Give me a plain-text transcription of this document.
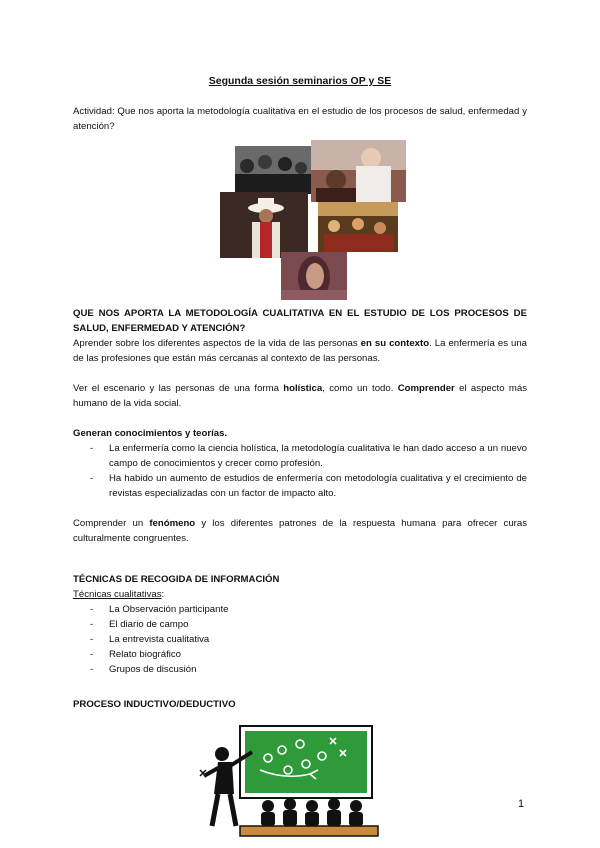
Segunda sesión seminarios OP y SE
Actividad: Que nos aporta la metodología cualitativa en el estudio de los procesos de salud, enfermedad y atención?
QUE NOS APORTA LA METODOLOGÍA CUALITATIVA EN EL ESTUDIO DE LOS PROCESOS DE SALUD, ENFERMEDAD Y ATENCIÓN?
Aprender sobre los diferentes aspectos de la vida de las personas en su contexto. La enfermería es una de las profesiones que están más cercanas al contexto de las personas.
Ver el escenario y las personas de una forma holística, como un todo. Comprender el aspecto más humano de la vida social.
Generan conocimientos y teorías.
- La enfermería como la ciencia holística, la metodología cualitativa le han dado acceso a un nuevo campo de conocimientos y crecer como profesión.
- Ha habido un aumento de estudios de enfermería con metodología cualitativa y el crecimiento de revistas especializadas con un factor de impacto alto.
Comprender un fenómeno y los diferentes patrones de la respuesta humana para ofrecer curas culturalmente congruentes.
TÉCNICAS DE RECOGIDA DE INFORMACIÓN
Técnicas cualitativas:
- La Observación participante
- El diario de campo
- La entrevista cualitativa
- Relato biográfico
- Grupos de discusión
PROCESO INDUCTIVO/DEDUCTIVO
1
